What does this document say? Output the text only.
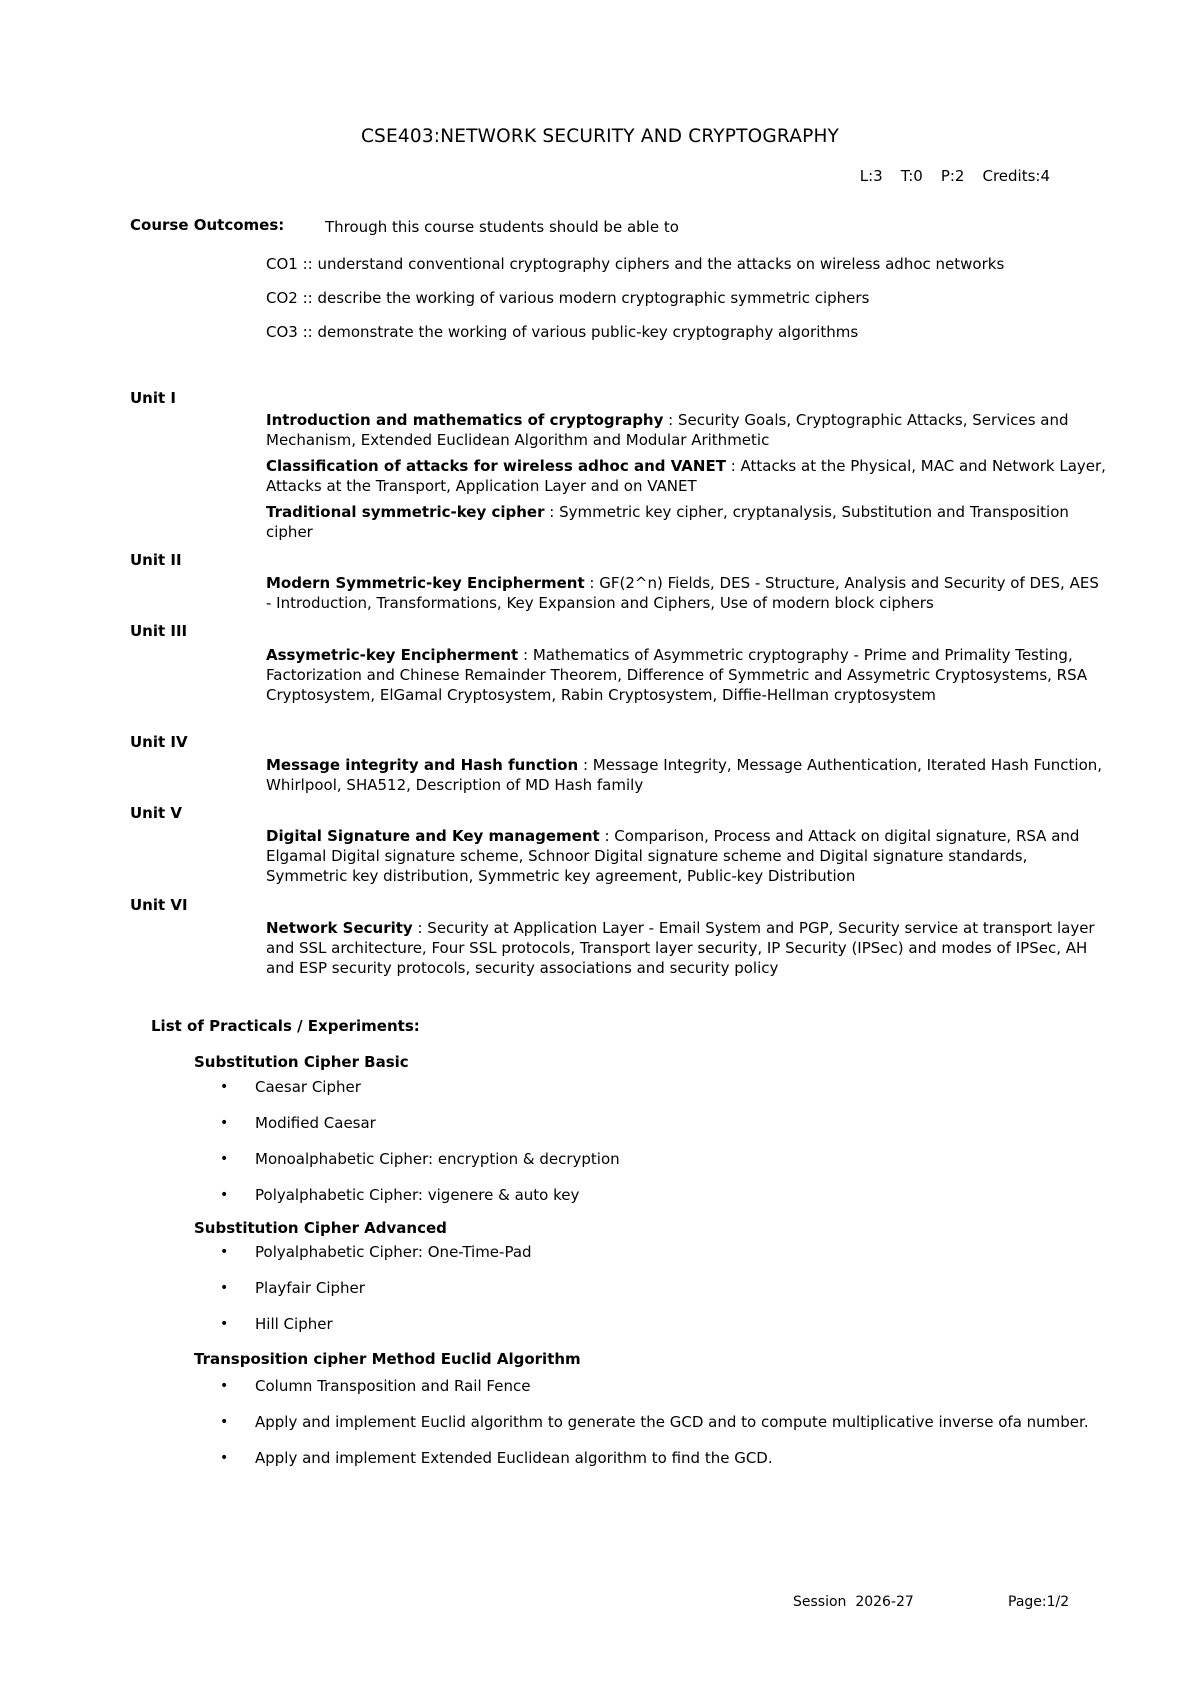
CSE403:NETWORK SECURITY AND CRYPTOGRAPHY
L:3 T:0 P:2 Credits:4
Course Outcomes:	Through this course students should be able to
CO1 :: understand conventional cryptography ciphers and the attacks on wireless adhoc networks
CO2 :: describe the working of various modern cryptographic symmetric ciphers
CO3 :: demonstrate the working of various public-key cryptography algorithms
Unit I
Introduction and mathematics of cryptography : Security Goals, Cryptographic Attacks, Services and Mechanism, Extended Euclidean Algorithm and Modular Arithmetic
Classification of attacks for wireless adhoc and VANET : Attacks at the Physical, MAC and Network Layer, Attacks at the Transport, Application Layer and on VANET
Traditional symmetric-key cipher : Symmetric key cipher, cryptanalysis, Substitution and Transposition cipher
Unit II
Modern Symmetric-key Encipherment : GF(2^n) Fields, DES - Structure, Analysis and Security of DES, AES - Introduction, Transformations, Key Expansion and Ciphers, Use of modern block ciphers
Unit III
Assymetric-key Encipherment : Mathematics of Asymmetric cryptography - Prime and Primality Testing, Factorization and Chinese Remainder Theorem, Difference of Symmetric and Assymetric Cryptosystems, RSA Cryptosystem, ElGamal Cryptosystem, Rabin Cryptosystem, Diffie-Hellman cryptosystem
Unit IV
Message integrity and Hash function : Message Integrity, Message Authentication, Iterated Hash Function, Whirlpool, SHA512, Description of MD Hash family
Unit V
Digital Signature and Key management : Comparison, Process and Attack on digital signature, RSA and Elgamal Digital signature scheme, Schnoor Digital signature scheme and Digital signature standards, Symmetric key distribution, Symmetric key agreement, Public-key Distribution
Unit VI
Network Security : Security at Application Layer - Email System and PGP, Security service at transport layer and SSL architecture, Four SSL protocols, Transport layer security, IP Security (IPSec) and modes of IPSec, AH and ESP security protocols, security associations and security policy
List of Practicals / Experiments:
Substitution Cipher Basic
• Caesar Cipher
• Modified Caesar
• Monoalphabetic Cipher: encryption & decryption
• Polyalphabetic Cipher: vigenere & auto key
Substitution Cipher Advanced
• Polyalphabetic Cipher: One-Time-Pad
• Playfair Cipher
• Hill Cipher
Transposition cipher Method Euclid Algorithm
• Column Transposition and Rail Fence
• Apply and implement Euclid algorithm to generate the GCD and to compute multiplicative inverse ofa number.
• Apply and implement Extended Euclidean algorithm to find the GCD.
Session  2026-27	Page:1/2
